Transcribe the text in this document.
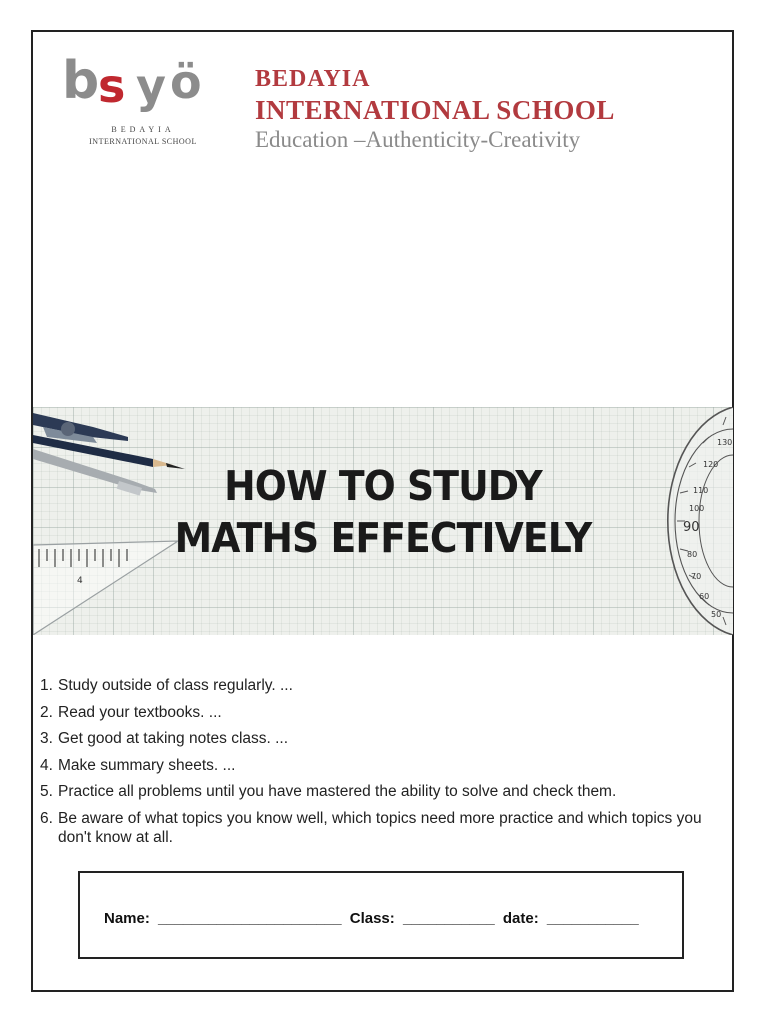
b
s y ö
BEDAYIA
INTERNATIONAL SCHOOL
BEDAYIA
INTERNATIONAL SCHOOL
Education –Authenticity-Creativity
4
130
120
110
100
90
80
70
60
50
HOW TO STUDY
MATHS EFFECTIVELY
1. Study outside of class regularly. ...
2. Read your textbooks. ...
3. Get good at taking notes class. ...
4. Make summary sheets. ...
5. Practice all problems until you have mastered the ability to solve and check them.
6. Be aware of what topics you know well, which topics need more practice and which topics you don't know at all.
Name: ______________________ Class: ___________ date: ___________
